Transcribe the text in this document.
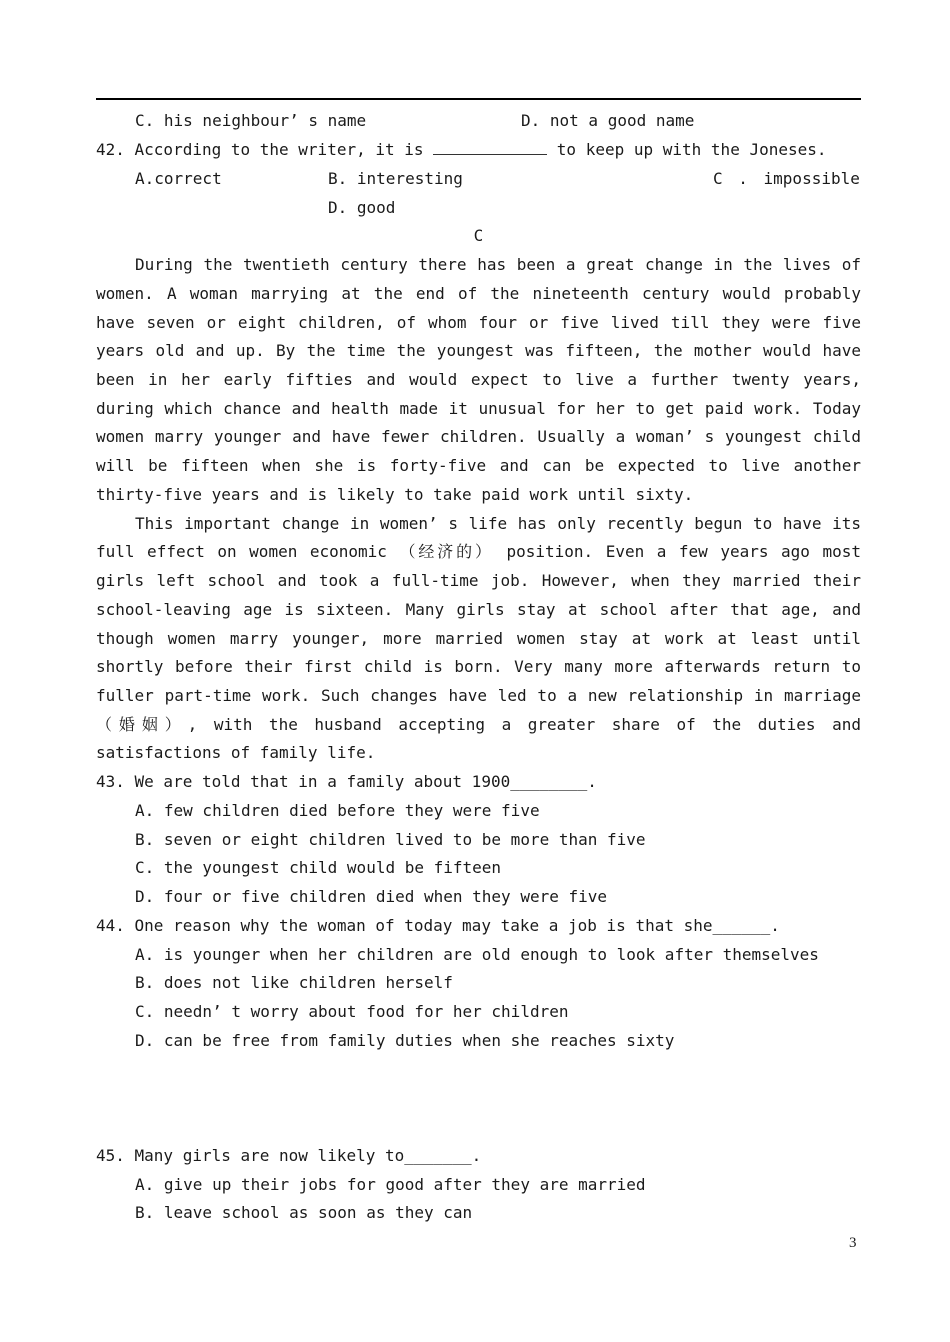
C. his neighbour’ s name	D. not a good name
42. According to the writer, it is	to keep up with the Joneses.
A.correct	B. interesting	C . impossible
D. good
C
During the twentieth century there has been a great change in the lives of
women. A woman marrying at the end of the nineteenth century would probably
have seven or eight children, of whom four or five lived till they were five
years old and up. By the time the youngest was fifteen, the mother would have
been in her early fifties and would expect to live a further twenty years,
during which chance and health made it unusual for her to get paid work. Today
women marry younger and have fewer children. Usually a woman’ s youngest child
will be fifteen when she is forty-five and can be expected to live another
thirty-five years and is likely to take paid work until sixty.
This important change in women’ s life has only recently begun to have its
full effect on women economic （经济的） position. Even a few years ago most
girls left school and took a full-time job. However, when they married their
school-leaving age is sixteen. Many girls stay at school after that age, and
though women marry younger, more married women stay at work at least until
shortly before their first child is born. Very many more afterwards return to
fuller part-time work. Such changes have led to a new relationship in marriage
（婚姻）, with the husband accepting a greater share of the duties and
satisfactions of family life.
43. We are told that in a family about 1900________.
A. few children died before they were five
B. seven or eight children lived to be more than five
C. the youngest child would be fifteen
D. four or five children died when they were five
44. One reason why the woman of today may take a job is that she______.
A. is younger when her children are old enough to look after themselves
B. does not like children herself
C. needn’ t worry about food for her children
D. can be free from family duties when she reaches sixty
45. Many girls are now likely to_______.
A. give up their jobs for good after they are married
B. leave school as soon as they can
3
